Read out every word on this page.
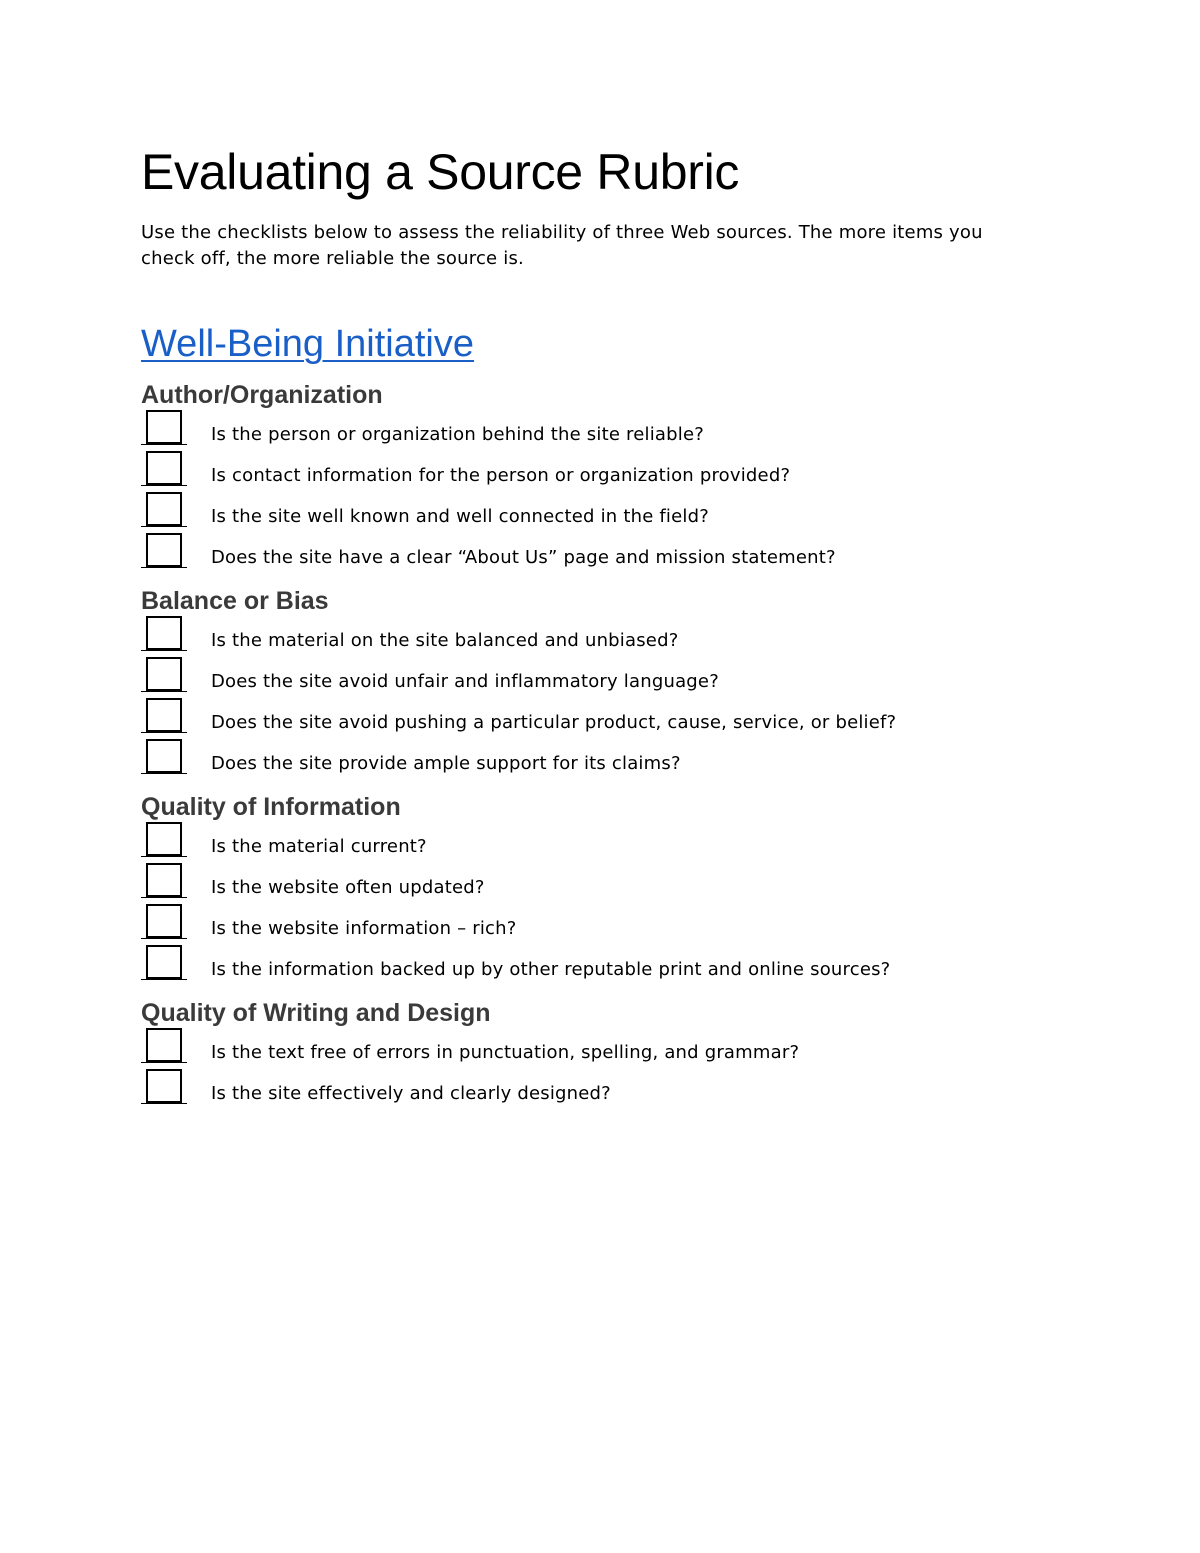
Evaluating a Source Rubric

Use the checklists below to assess the reliability of three Web sources. The more items you check off, the more reliable the source is.

Well-Being Initiative
Author/Organization
Is the person or organization behind the site reliable?
Is contact information for the person or organization provided?
Is the site well known and well connected in the field?
Does the site have a clear “About Us” page and mission statement?
Balance or Bias
Is the material on the site balanced and unbiased?
Does the site avoid unfair and inflammatory language?
Does the site avoid pushing a particular product, cause, service, or belief?
Does the site provide ample support for its claims?
Quality of Information
Is the material current?
Is the website often updated?
Is the website information – rich?
Is the information backed up by other reputable print and online sources?
Quality of Writing and Design
Is the text free of errors in punctuation, spelling, and grammar?
Is the site effectively and clearly designed?
